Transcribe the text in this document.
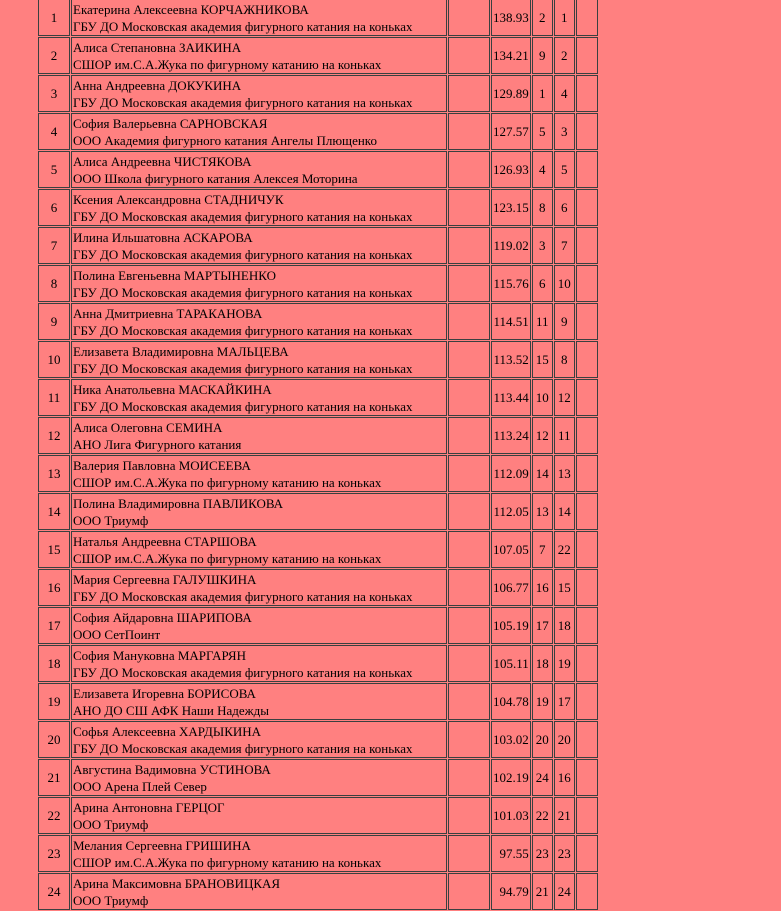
1	Екатерина Алексеевна КОРЧАЖНИКОВА
ГБУ ДО Московская академия фигурного катания на коньках		138.93	2	1	
2	Алиса Степановна ЗАИКИНА
СШОР им.С.А.Жука по фигурному катанию на коньках		134.21	9	2	
3	Анна Андреевна ДОКУКИНА
ГБУ ДО Московская академия фигурного катания на коньках		129.89	1	4	
4	София Валерьевна САРНОВСКАЯ
ООО Академия фигурного катания Ангелы Плющенко		127.57	5	3	
5	Алиса Андреевна ЧИСТЯКОВА
ООО Школа фигурного катания Алексея Моторина		126.93	4	5	
6	Ксения Александровна СТАДНИЧУК
ГБУ ДО Московская академия фигурного катания на коньках		123.15	8	6	
7	Илина Ильшатовна АСКАРОВА
ГБУ ДО Московская академия фигурного катания на коньках		119.02	3	7	
8	Полина Евгеньевна МАРТЫНЕНКО
ГБУ ДО Московская академия фигурного катания на коньках		115.76	6	10	
9	Анна Дмитриевна ТАРАКАНОВА
ГБУ ДО Московская академия фигурного катания на коньках		114.51	11	9	
10	Елизавета Владимировна МАЛЬЦЕВА
ГБУ ДО Московская академия фигурного катания на коньках		113.52	15	8	
11	Ника Анатольевна МАСКАЙКИНА
ГБУ ДО Московская академия фигурного катания на коньках		113.44	10	12	
12	Алиса Олеговна СЕМИНА
АНО Лига Фигурного катания		113.24	12	11	
13	Валерия Павловна МОИСЕЕВА
СШОР им.С.А.Жука по фигурному катанию на коньках		112.09	14	13	
14	Полина Владимировна ПАВЛИКОВА
ООО Триумф		112.05	13	14	
15	Наталья Андреевна СТАРШОВА
СШОР им.С.А.Жука по фигурному катанию на коньках		107.05	7	22	
16	Мария Сергеевна ГАЛУШКИНА
ГБУ ДО Московская академия фигурного катания на коньках		106.77	16	15	
17	София Айдаровна ШАРИПОВА
ООО СетПоинт		105.19	17	18	
18	София Мануковна МАРГАРЯН
ГБУ ДО Московская академия фигурного катания на коньках		105.11	18	19	
19	Елизавета Игоревна БОРИСОВА
АНО ДО СШ АФК Наши Надежды		104.78	19	17	
20	Софья Алексеевна ХАРДЫКИНА
ГБУ ДО Московская академия фигурного катания на коньках		103.02	20	20	
21	Августина Вадимовна УСТИНОВА
ООО Арена Плей Север		102.19	24	16	
22	Арина Антоновна ГЕРЦОГ
ООО Триумф		101.03	22	21	
23	Мелания Сергеевна ГРИШИНА
СШОР им.С.А.Жука по фигурному катанию на коньках		97.55	23	23	
24	Арина Максимовна БРАНОВИЦКАЯ
ООО Триумф		94.79	21	24	
